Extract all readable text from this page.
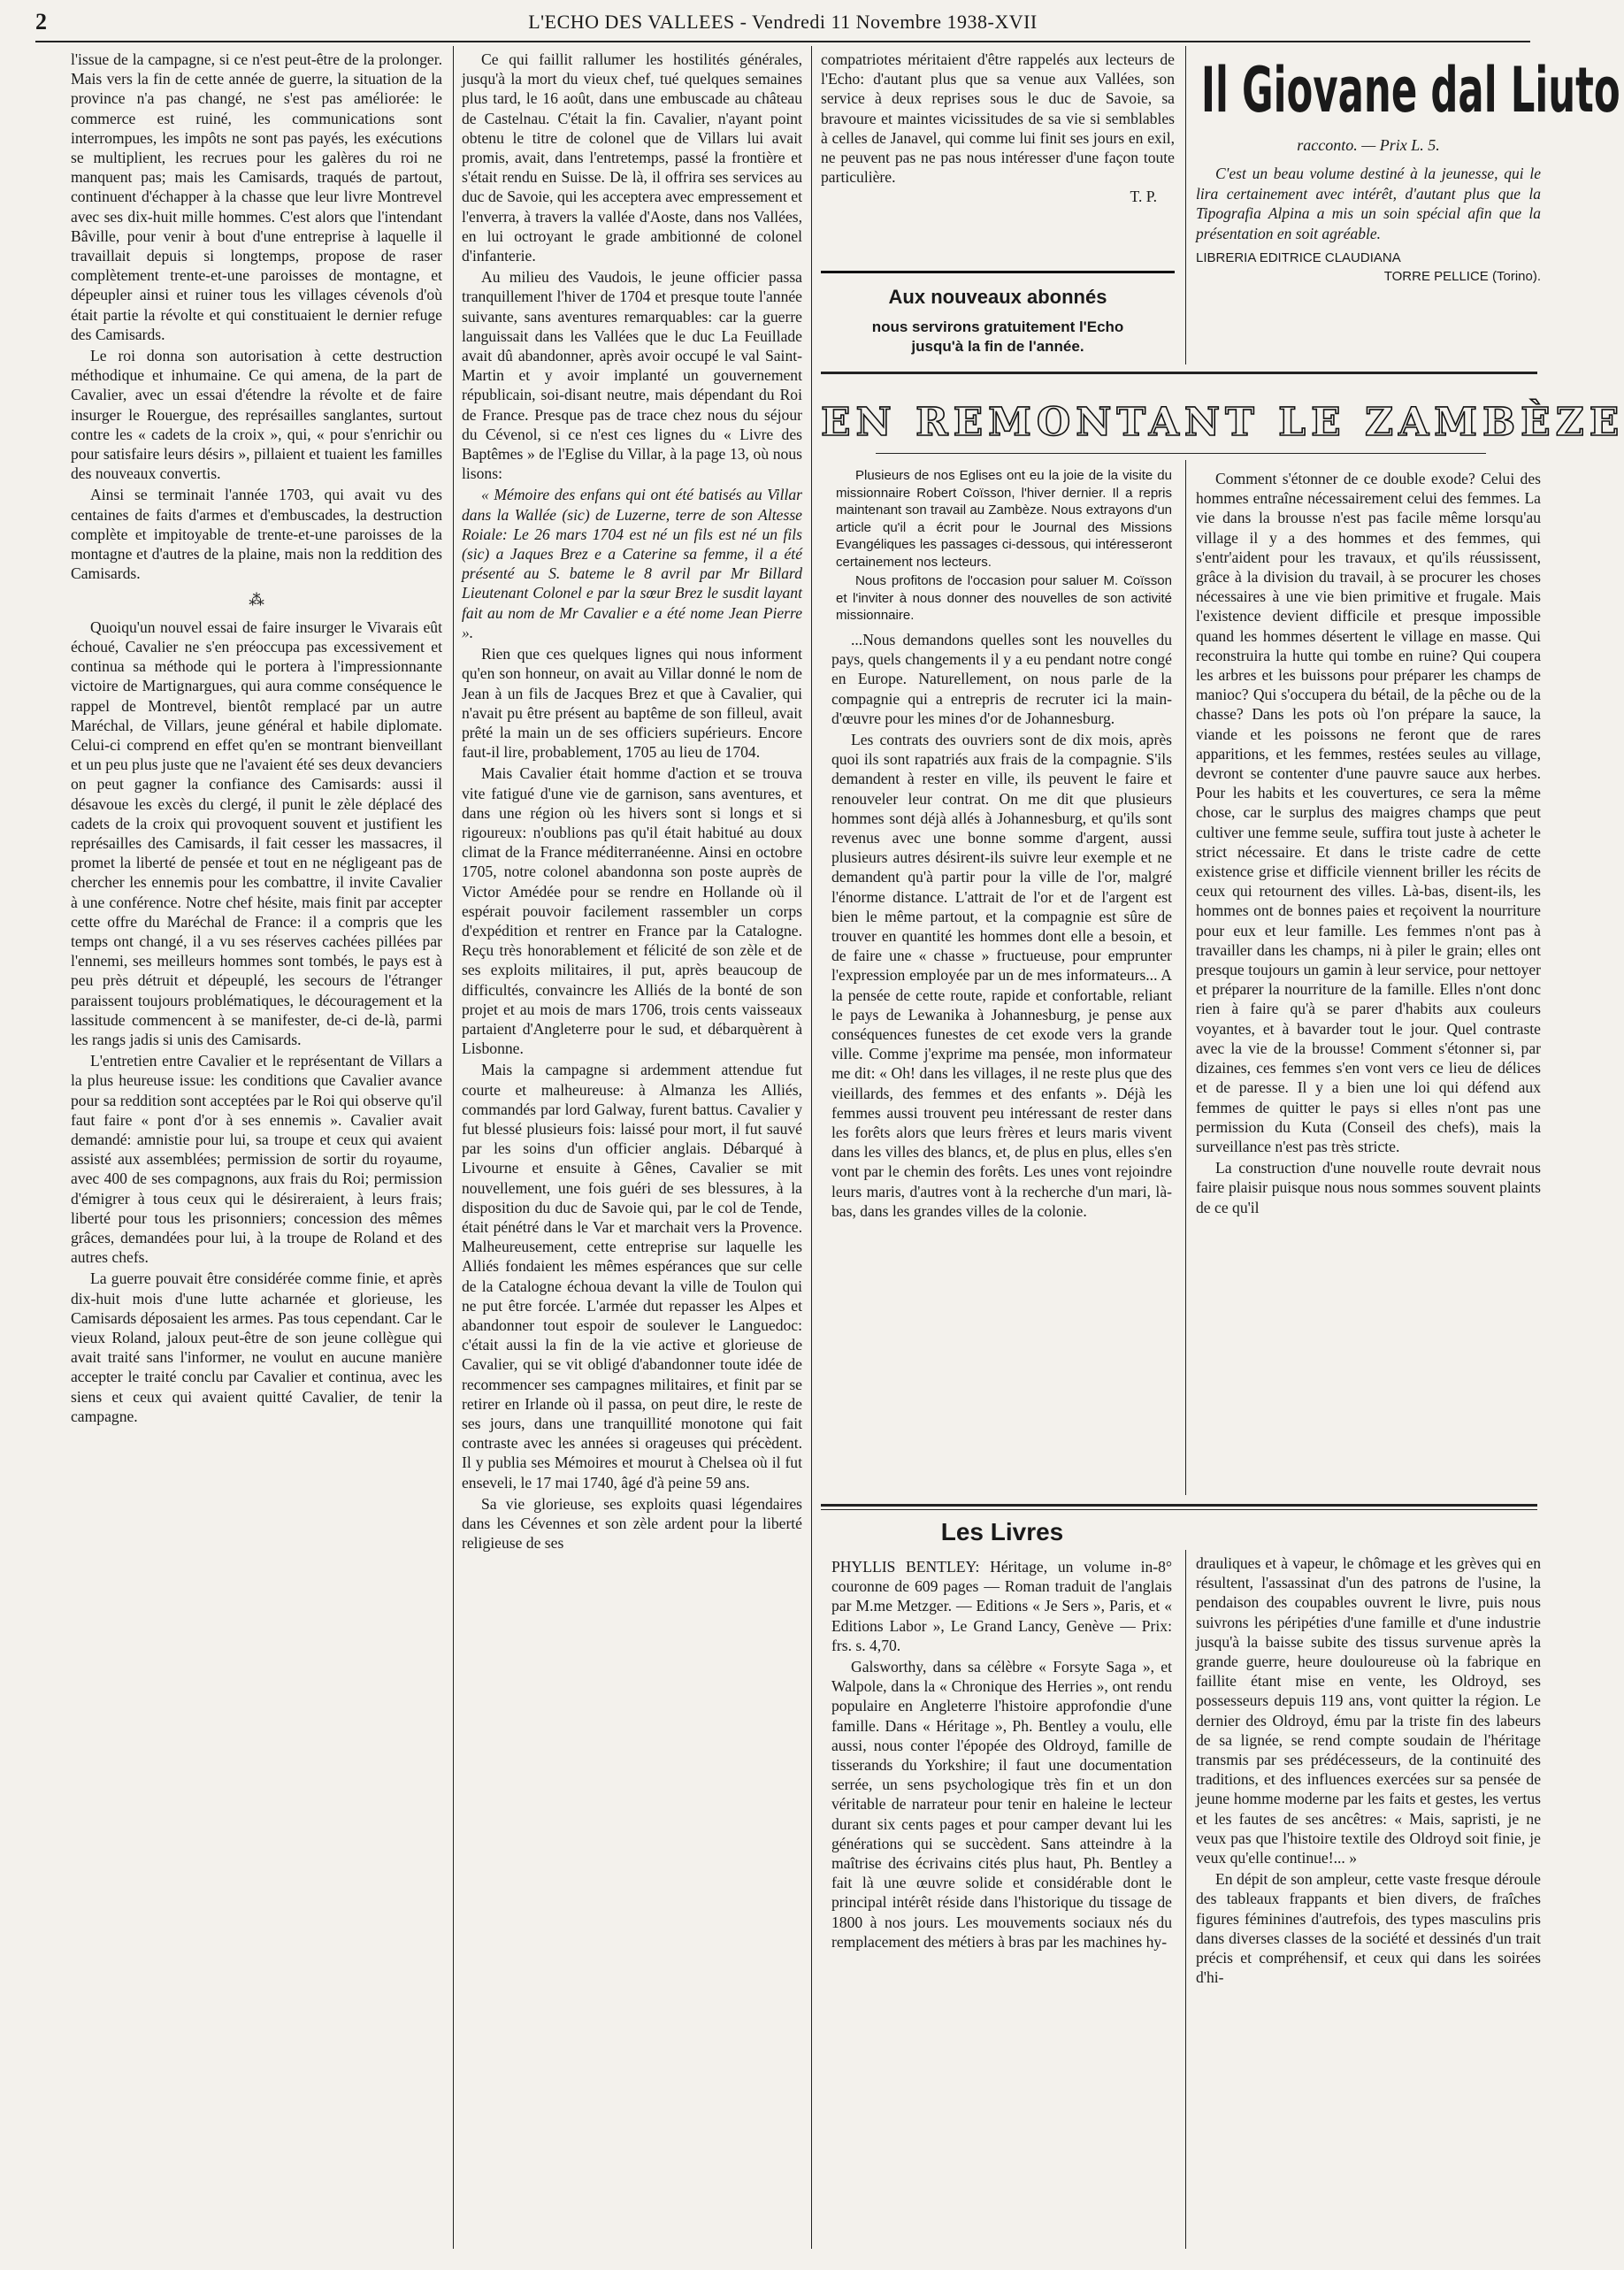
2	L'ECHO DES VALLEES - Vendredi 11 Novembre 1938-XVII

l'issue de la campagne, si ce n'est peut-être de la prolonger. Mais vers la fin de cette année de guerre, la situation de la province n'a pas changé, ne s'est pas améliorée: le commerce est ruiné, les communications sont interrompues, les impôts ne sont pas payés, les exécutions se multiplient, les recrues pour les galères du roi ne manquent pas; mais les Camisards, traqués de partout, continuent d'échapper à la chasse que leur livre Montrevel avec ses dix-huit mille hommes. C'est alors que l'intendant Bâville, pour venir à bout d'une entreprise à laquelle il travaillait depuis si longtemps, propose de raser complètement trente-et-une paroisses de montagne, et dépeupler ainsi et ruiner tous les villages cévenols d'où était partie la révolte et qui constituaient le dernier refuge des Camisards.

Le roi donna son autorisation à cette destruction méthodique et inhumaine. Ce qui amena, de la part de Cavalier, avec un essai d'étendre la révolte et de faire insurger le Rouergue, des représailles sanglantes, surtout contre les « cadets de la croix », qui, « pour s'enrichir ou pour satisfaire leurs désirs », pillaient et tuaient les familles des nouveaux convertis.

Ainsi se terminait l'année 1703, qui avait vu des centaines de faits d'armes et d'embuscades, la destruction complète et impitoyable de trente-et-une paroisses de la montagne et d'autres de la plaine, mais non la reddition des Camisards.

⁂

Quoiqu'un nouvel essai de faire insurger le Vivarais eût échoué, Cavalier ne s'en préoccupa pas excessivement et continua sa méthode qui le portera à l'impressionnante victoire de Martignargues, qui aura comme conséquence le rappel de Montrevel, bientôt remplacé par un autre Maréchal, de Villars, jeune général et habile diplomate. Celui-ci comprend en effet qu'en se montrant bienveillant et un peu plus juste que ne l'avaient été ses deux devanciers on peut gagner la confiance des Camisards: aussi il désavoue les excès du clergé, il punit le zèle déplacé des cadets de la croix qui provoquent souvent et justifient les représailles des Camisards, il fait cesser les massacres, il promet la liberté de pensée et tout en ne négligeant pas de chercher les ennemis pour les combattre, il invite Cavalier à une conférence. Notre chef hésite, mais finit par accepter cette offre du Maréchal de France: il a compris que les temps ont changé, il a vu ses réserves cachées pillées par l'ennemi, ses meilleurs hommes sont tombés, le pays est à peu près détruit et dépeuplé, les secours de l'étranger paraissent toujours problématiques, le découragement et la lassitude commencent à se manifester, de-ci de-là, parmi les rangs jadis si unis des Camisards.

L'entretien entre Cavalier et le représentant de Villars a la plus heureuse issue: les conditions que Cavalier avance pour sa reddition sont acceptées par le Roi qui observe qu'il faut faire « pont d'or à ses ennemis ». Cavalier avait demandé: amnistie pour lui, sa troupe et ceux qui avaient assisté aux assemblées; permission de sortir du royaume, avec 400 de ses compagnons, aux frais du Roi; permission d'émigrer à tous ceux qui le désireraient, à leurs frais; liberté pour tous les prisonniers; concession des mêmes grâces, demandées pour lui, à la troupe de Roland et des autres chefs.

La guerre pouvait être considérée comme finie, et après dix-huit mois d'une lutte acharnée et glorieuse, les Camisards déposaient les armes. Pas tous cependant. Car le vieux Roland, jaloux peut-être de son jeune collègue qui avait traité sans l'informer, ne voulut en aucune manière accepter le traité conclu par Cavalier et continua, avec les siens et ceux qui avaient quitté Cavalier, de tenir la campagne.

Ce qui faillit rallumer les hostilités générales, jusqu'à la mort du vieux chef, tué quelques semaines plus tard, le 16 août, dans une embuscade au château de Castelnau. C'était la fin. Cavalier, n'ayant point obtenu le titre de colonel que de Villars lui avait promis, avait, dans l'entretemps, passé la frontière et s'était rendu en Suisse. De là, il offrira ses services au duc de Savoie, qui les acceptera avec empressement et l'enverra, à travers la vallée d'Aoste, dans nos Vallées, en lui octroyant le grade ambitionné de colonel d'infanterie.

Au milieu des Vaudois, le jeune officier passa tranquillement l'hiver de 1704 et presque toute l'année suivante, sans aventures remarquables: car la guerre languissait dans les Vallées que le duc La Feuillade avait dû abandonner, après avoir occupé le val Saint-Martin et y avoir implanté un gouvernement républicain, soi-disant neutre, mais dépendant du Roi de France. Presque pas de trace chez nous du séjour du Cévenol, si ce n'est ces lignes du « Livre des Baptêmes » de l'Eglise du Villar, à la page 13, où nous lisons:

« Mémoire des enfans qui ont été batisés au Villar dans la Wallée (sic) de Luzerne, terre de son Altesse Roiale: Le 26 mars 1704 est né un fils est né un fils (sic) a Jaques Brez e a Caterine sa femme, il a été présenté au S. bateme le 8 avril par Mr Billard Lieutenant Colonel e par la sœur Brez le susdit layant fait au nom de Mr Cavalier e a été nome Jean Pierre ».

Rien que ces quelques lignes qui nous informent qu'en son honneur, on avait au Villar donné le nom de Jean à un fils de Jacques Brez et que à Cavalier, qui n'avait pu être présent au baptême de son filleul, avait prêté la main un de ses officiers supérieurs. Encore faut-il lire, probablement, 1705 au lieu de 1704.

Mais Cavalier était homme d'action et se trouva vite fatigué d'une vie de garnison, sans aventures, et dans une région où les hivers sont si longs et si rigoureux: n'oublions pas qu'il était habitué au doux climat de la France méditerranéenne. Ainsi en octobre 1705, notre colonel abandonna son poste auprès de Victor Amédée pour se rendre en Hollande où il espérait pouvoir facilement rassembler un corps d'expédition et rentrer en France par la Catalogne. Reçu très honorablement et félicité de son zèle et de ses exploits militaires, il put, après beaucoup de difficultés, convaincre les Alliés de la bonté de son projet et au mois de mars 1706, trois cents vaisseaux partaient d'Angleterre pour le sud, et débarquèrent à Lisbonne.

Mais la campagne si ardemment attendue fut courte et malheureuse: à Almanza les Alliés, commandés par lord Galway, furent battus. Cavalier y fut blessé plusieurs fois: laissé pour mort, il fut sauvé par les soins d'un officier anglais. Débarqué à Livourne et ensuite à Gênes, Cavalier se mit nouvellement, une fois guéri de ses blessures, à la disposition du duc de Savoie qui, par le col de Tende, était pénétré dans le Var et marchait vers la Provence. Malheureusement, cette entreprise sur laquelle les Alliés fondaient les mêmes espérances que sur celle de la Catalogne échoua devant la ville de Toulon qui ne put être forcée. L'armée dut repasser les Alpes et abandonner tout espoir de soulever le Languedoc: c'était aussi la fin de la vie active et glorieuse de Cavalier, qui se vit obligé d'abandonner toute idée de recommencer ses campagnes militaires, et finit par se retirer en Irlande où il passa, on peut dire, le reste de ses jours, dans une tranquillité monotone qui fait contraste avec les années si orageuses qui précèdent. Il y publia ses Mémoires et mourut à Chelsea où il fut enseveli, le 17 mai 1740, âgé d'à peine 59 ans.

Sa vie glorieuse, ses exploits quasi légendaires dans les Cévennes et son zèle ardent pour la liberté religieuse de ses

compatriotes méritaient d'être rappelés aux lecteurs de l'Echo: d'autant plus que sa venue aux Vallées, son service à deux reprises sous le duc de Savoie, sa bravoure et maintes vicissitudes de sa vie si semblables à celles de Janavel, qui comme lui finit ses jours en exil, ne peuvent pas ne pas nous intéresser d'une façon toute particulière.

T. P.
Aux nouveaux abonnés
nous servirons gratuitement l'Echo jusqu'à la fin de l'année.
Il Giovane dal Liuto
racconto. — Prix L. 5.
C'est un beau volume destiné à la jeunesse, qui le lira certainement avec intérêt, d'autant plus que la Tipografia Alpina a mis un soin spécial afin que la présentation en soit agréable.
LIBRERIA EDITRICE CLAUDIANA
TORRE PELLICE (Torino).
EN REMONTANT LE ZAMBÈZE

Plusieurs de nos Eglises ont eu la joie de la visite du missionnaire Robert Coïsson, l'hiver dernier. Il a repris maintenant son travail au Zambèze. Nous extrayons d'un article qu'il a écrit pour le Journal des Missions Evangéliques les passages ci-dessous, qui intéresseront certainement nos lecteurs.

Nous profitons de l'occasion pour saluer M. Coïsson et l'inviter à nous donner des nouvelles de son activité missionnaire.

...Nous demandons quelles sont les nouvelles du pays, quels changements il y a eu pendant notre congé en Europe. Naturellement, on nous parle de la compagnie qui a entrepris de recruter ici la main-d'œuvre pour les mines d'or de Johannesburg.

Les contrats des ouvriers sont de dix mois, après quoi ils sont rapatriés aux frais de la compagnie. S'ils demandent à rester en ville, ils peuvent le faire et renouveler leur contrat. On me dit que plusieurs hommes sont déjà allés à Johannesburg, et qu'ils sont revenus avec une bonne somme d'argent, aussi plusieurs autres désirent-ils suivre leur exemple et ne demandent qu'à partir pour la ville de l'or, malgré l'énorme distance. L'attrait de l'or et de l'argent est bien le même partout, et la compagnie est sûre de trouver en quantité les hommes dont elle a besoin, et de faire une « chasse » fructueuse, pour emprunter l'expression employée par un de mes informateurs... A la pensée de cette route, rapide et confortable, reliant le pays de Lewanika à Johannesburg, je pense aux conséquences funestes de cet exode vers la grande ville. Comme j'exprime ma pensée, mon informateur me dit: « Oh! dans les villages, il ne reste plus que des vieillards, des femmes et des enfants ». Déjà les femmes aussi trouvent peu intéressant de rester dans les forêts alors que leurs frères et leurs maris vivent dans les villes des blancs, et, de plus en plus, elles s'en vont par le chemin des forêts. Les unes vont rejoindre leurs maris, d'autres vont à la recherche d'un mari, là-bas, dans les grandes villes de la colonie.

Comment s'étonner de ce double exode? Celui des hommes entraîne nécessairement celui des femmes. La vie dans la brousse n'est pas facile même lorsqu'au village il y a des hommes et des femmes, qui s'entr'aident pour les travaux, et qu'ils réussissent, grâce à la division du travail, à se procurer les choses nécessaires à une vie bien primitive et frugale. Mais l'existence devient difficile et presque impossible quand les hommes désertent le village en masse. Qui reconstruira la hutte qui tombe en ruine? Qui coupera les arbres et les buissons pour préparer les champs de manioc? Qui s'occupera du bétail, de la pêche ou de la chasse? Dans les pots où l'on prépare la sauce, la viande et les poissons ne feront que de rares apparitions, et les femmes, restées seules au village, devront se contenter d'une pauvre sauce aux herbes. Pour les habits et les couvertures, ce sera la même chose, car le surplus des maigres champs que peut cultiver une femme seule, suffira tout juste à acheter le strict nécessaire. Et dans le triste cadre de cette existence grise et difficile viennent briller les récits de ceux qui retournent des villes. Là-bas, disent-ils, les hommes ont de bonnes paies et reçoivent la nourriture pour eux et leur famille. Les femmes n'ont pas à travailler dans les champs, ni à piler le grain; elles ont presque toujours un gamin à leur service, pour nettoyer et préparer la nourriture de la famille. Elles n'ont donc rien à faire qu'à se parer d'habits aux couleurs voyantes, et à bavarder tout le jour. Quel contraste avec la vie de la brousse! Comment s'étonner si, par dizaines, ces femmes s'en vont vers ce lieu de délices et de paresse. Il y a bien une loi qui défend aux femmes de quitter le pays si elles n'ont pas une permission du Kuta (Conseil des chefs), mais la surveillance n'est pas très stricte.

La construction d'une nouvelle route devrait nous faire plaisir puisque nous nous sommes souvent plaints de ce qu'il

Les Livres

PHYLLIS BENTLEY: Héritage, un volume in-8° couronne de 609 pages — Roman traduit de l'anglais par M.me Metzger. — Editions « Je Sers », Paris, et « Editions Labor », Le Grand Lancy, Genève — Prix: frs. s. 4,70.

Galsworthy, dans sa célèbre « Forsyte Saga », et Walpole, dans la « Chronique des Herries », ont rendu populaire en Angleterre l'histoire approfondie d'une famille. Dans « Héritage », Ph. Bentley a voulu, elle aussi, nous conter l'épopée des Oldroyd, famille de tisserands du Yorkshire; il faut une documentation serrée, un sens psychologique très fin et un don véritable de narrateur pour tenir en haleine le lecteur durant six cents pages et pour camper devant lui les générations qui se succèdent. Sans atteindre à la maîtrise des écrivains cités plus haut, Ph. Bentley a fait là une œuvre solide et considérable dont le principal intérêt réside dans l'historique du tissage de 1800 à nos jours. Les mouvements sociaux nés du remplacement des métiers à bras par les machines hy-

drauliques et à vapeur, le chômage et les grèves qui en résultent, l'assassinat d'un des patrons de l'usine, la pendaison des coupables ouvrent le livre, puis nous suivrons les péripéties d'une famille et d'une industrie jusqu'à la baisse subite des tissus survenue après la grande guerre, heure douloureuse où la fabrique en faillite étant mise en vente, les Oldroyd, ses possesseurs depuis 119 ans, vont quitter la région. Le dernier des Oldroyd, ému par la triste fin des labeurs de sa lignée, se rend compte soudain de l'héritage transmis par ses prédécesseurs, de la continuité des traditions, et des influences exercées sur sa pensée de jeune homme moderne par les faits et gestes, les vertus et les fautes de ses ancêtres: « Mais, sapristi, je ne veux pas que l'histoire textile des Oldroyd soit finie, je veux qu'elle continue!... »

En dépit de son ampleur, cette vaste fresque déroule des tableaux frappants et bien divers, de fraîches figures féminines d'autrefois, des types masculins pris dans diverses classes de la société et dessinés d'un trait précis et compréhensif, et ceux qui dans les soirées d'hi-
